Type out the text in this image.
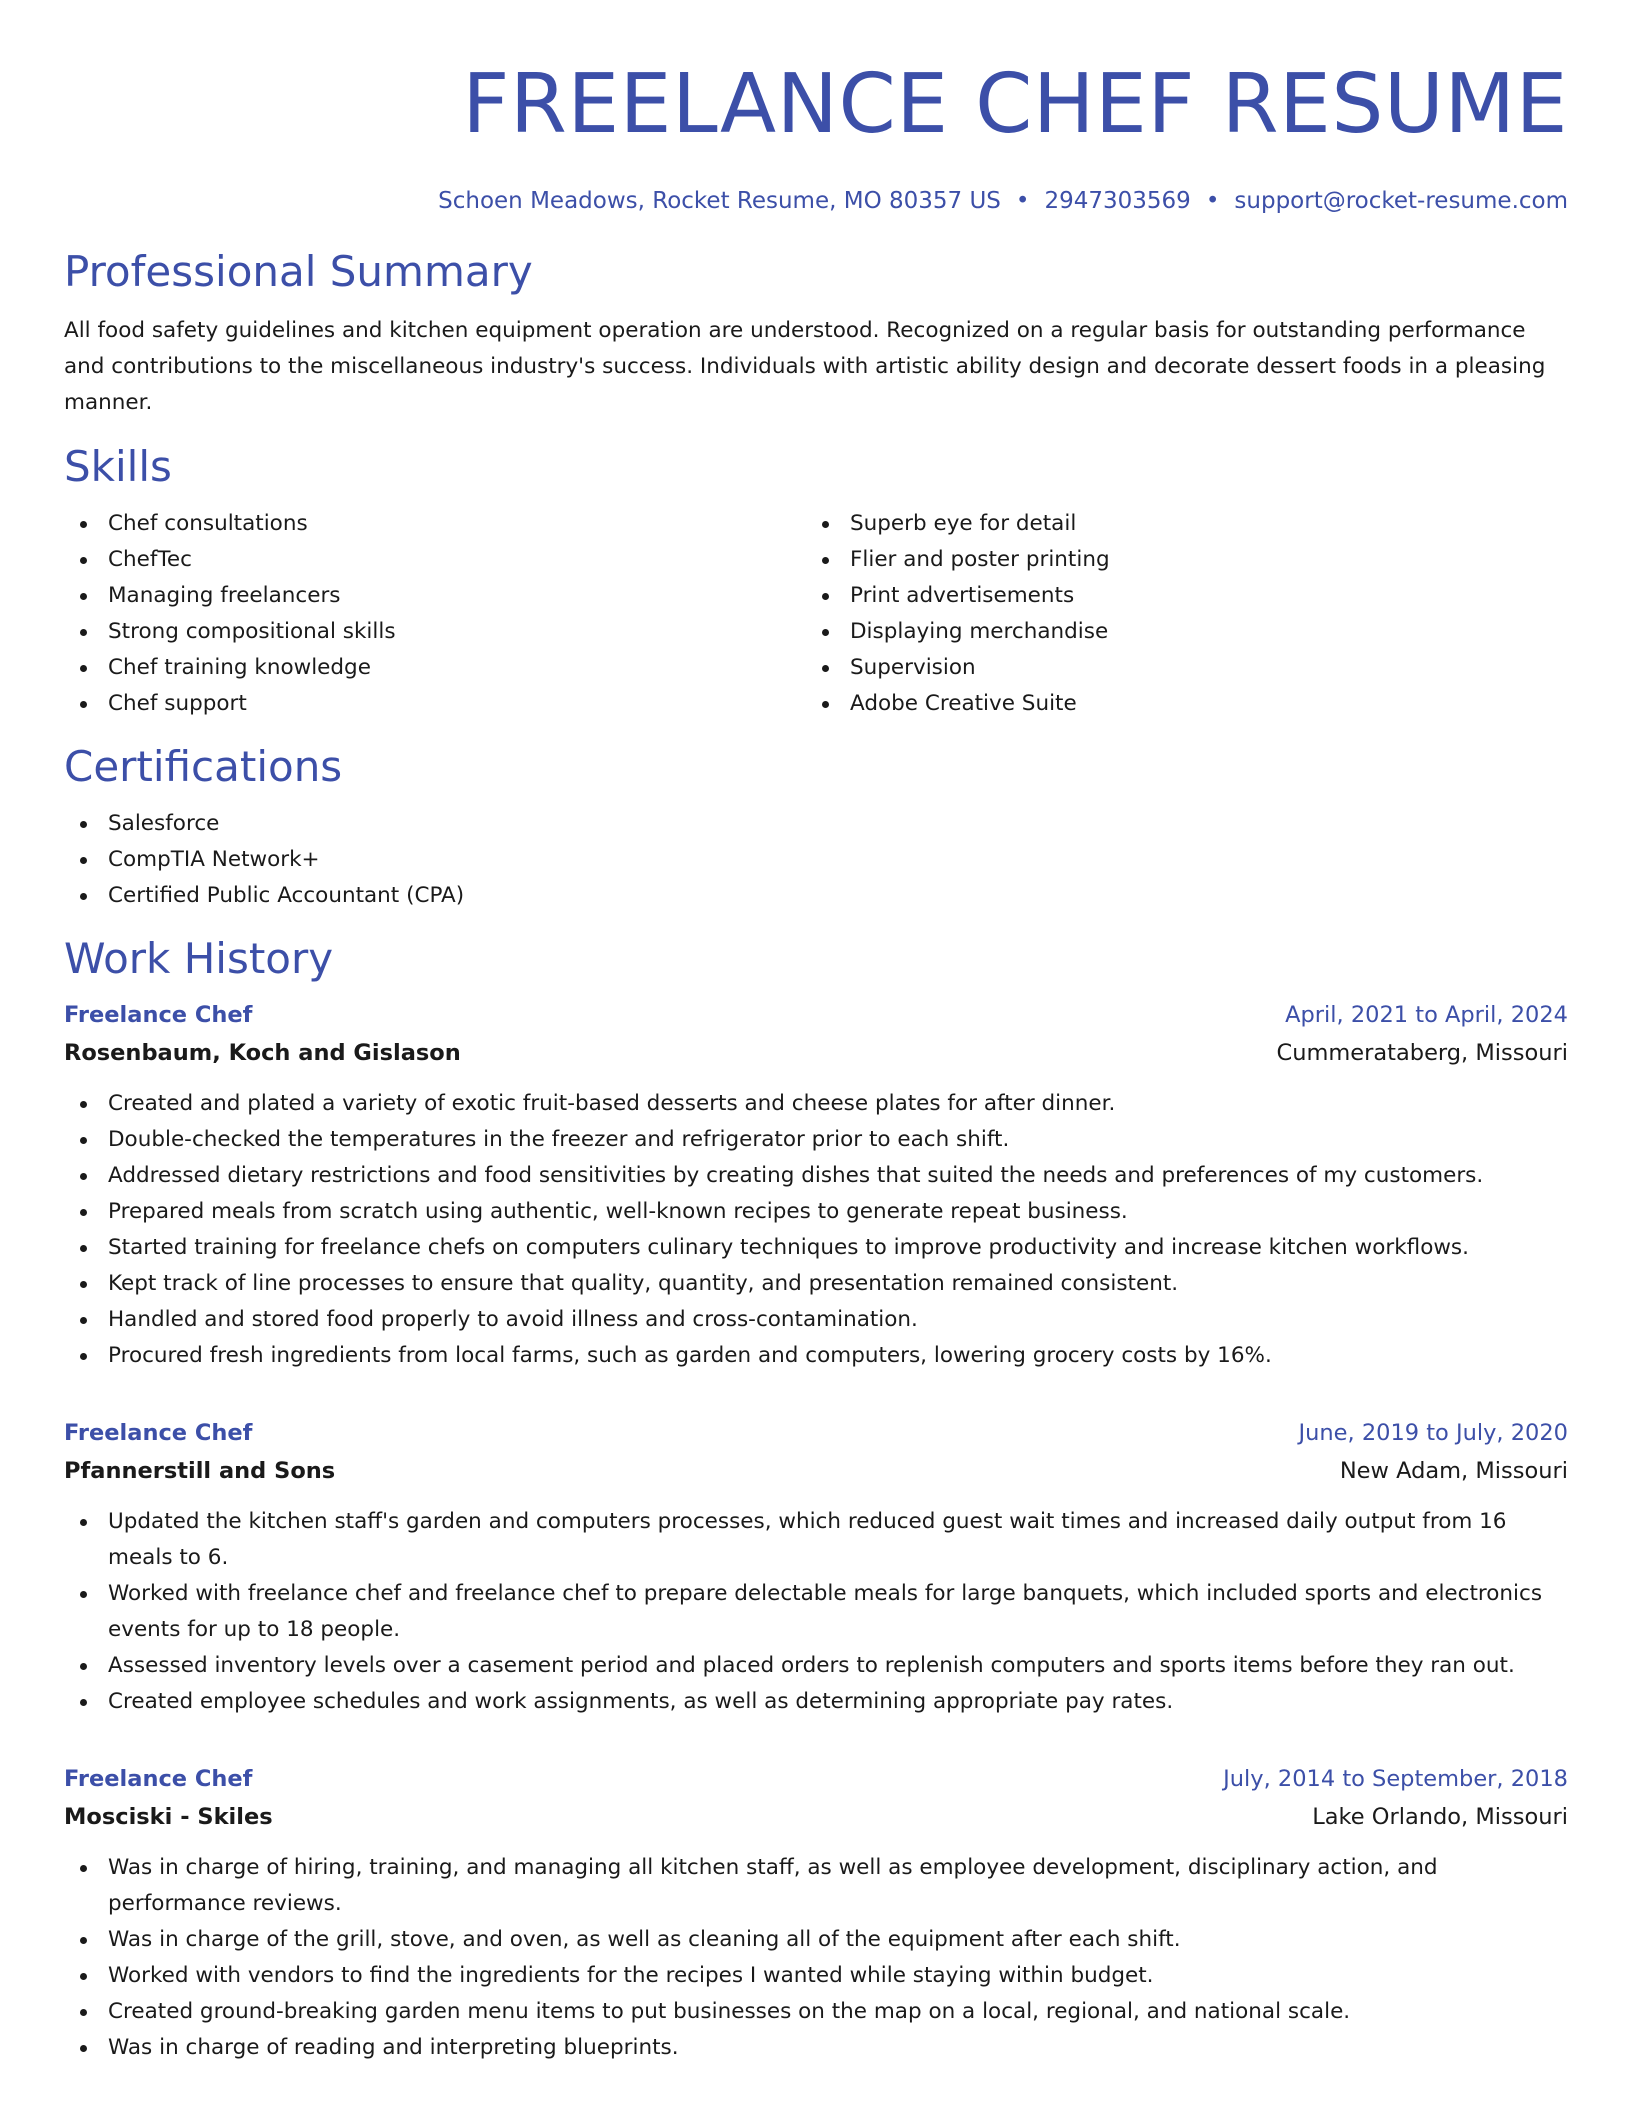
FREELANCE CHEF RESUME
Schoen Meadows, Rocket Resume, MO 80357 US • 2947303569 • support@rocket-resume.com
Professional Summary

All food safety guidelines and kitchen equipment operation are understood. Recognized on a regular basis for outstanding performance and contributions to the miscellaneous industry's success. Individuals with artistic ability design and decorate dessert foods in a pleasing manner.

Skills
Chef consultations
ChefTec
Managing freelancers
Strong compositional skills
Chef training knowledge
Chef support
Superb eye for detail
Flier and poster printing
Print advertisements
Displaying merchandise
Supervision
Adobe Creative Suite
Certifications
Salesforce
CompTIA Network+
Certified Public Accountant (CPA)
Work History
Freelance Chef	April, 2021 to April, 2024
Rosenbaum, Koch and Gislason	Cummerataberg, Missouri
Created and plated a variety of exotic fruit-based desserts and cheese plates for after dinner.
Double-checked the temperatures in the freezer and refrigerator prior to each shift.
Addressed dietary restrictions and food sensitivities by creating dishes that suited the needs and preferences of my customers.
Prepared meals from scratch using authentic, well-known recipes to generate repeat business.
Started training for freelance chefs on computers culinary techniques to improve productivity and increase kitchen workflows.
Kept track of line processes to ensure that quality, quantity, and presentation remained consistent.
Handled and stored food properly to avoid illness and cross-contamination.
Procured fresh ingredients from local farms, such as garden and computers, lowering grocery costs by 16%.
Freelance Chef	June, 2019 to July, 2020
Pfannerstill and Sons	New Adam, Missouri
Updated the kitchen staff's garden and computers processes, which reduced guest wait times and increased daily output from 16 meals to 6.
Worked with freelance chef and freelance chef to prepare delectable meals for large banquets, which included sports and electronics events for up to 18 people.
Assessed inventory levels over a casement period and placed orders to replenish computers and sports items before they ran out.
Created employee schedules and work assignments, as well as determining appropriate pay rates.
Freelance Chef	July, 2014 to September, 2018
Mosciski - Skiles	Lake Orlando, Missouri
Was in charge of hiring, training, and managing all kitchen staff, as well as employee development, disciplinary action, and performance reviews.
Was in charge of the grill, stove, and oven, as well as cleaning all of the equipment after each shift.
Worked with vendors to find the ingredients for the recipes I wanted while staying within budget.
Created ground-breaking garden menu items to put businesses on the map on a local, regional, and national scale.
Was in charge of reading and interpreting blueprints.
